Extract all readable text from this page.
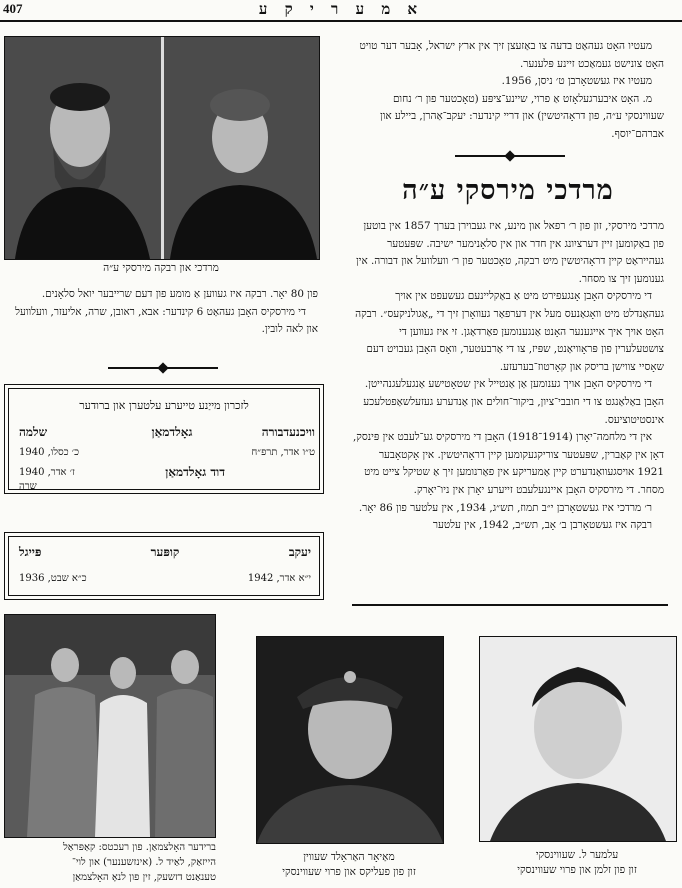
407	א מ ע ר י ק ע

מעטיו האָט געהאַט בדעה צו באַזעצן זיך אין ארץ ישראל, אָבער דער טויט האָט צונישט געמאַכט זיינע פּלענער.

מעטיו איז געשטאָרבן ט׳ ניסן, 1956.

מ. האָט איבערגעלאָזט אַ פרוי, שיינע־ציפּע (טאָכטער פון ר׳ נחום שעווינסקי ע״ה, פון דראָהיטשין) און דריי קינדער: יעקב־אַהרן, ביילע און אברהם־יוסף.

מרדכי מירסקי ע״ה

מרדכי מירסקי, זון פון ר׳ רפאל און מינע, איז געבוירן בערך 1857 אין בוטען פון באַקומען זיין דערציִונג אין חדר און אין סלאָנימער ישיבה. שפּעטער געהייראַט קיין דראָהיטשין מיט רבקה, טאָכטער פון ר׳ וועלוועל און דבורה. אין גענומען זיך צו מסחר.

די מירסקיס האָבן אָנגעפירט מיט אַ באַקליינעם געשעפט אין אויך געהאַנדלט מיט וואָגאַנעס מעל אין דערפאַר געוואָרן זיך די „אַגולניקעס״. רבקה האָט אויך איך אייגענער האָנט אַנגענומען פאַרדאַגן. זי איז געווען די צושטעלערין פון פּראָוויאַנט, שפּיז, צו די אַרבעטער, וואָס האָבן געבויט דעם שאָסיי צווישן בריסק און קאָרטוז־בערעזע.

די מירסקיס האָבן אויך גענומען אַן אַנטייל אין שטאָטישע אַנגעלעגנהייטן. האָבן באַלאַנגט צו די חובבי־ציון, ביקור־חולים און אַנדערע געזעלשאַפטלעכע אינסטיטוציעס.

אין די מלחמה־יאָרן (1914־1918) האָבן די מירסקיס גע־לעבט אין פּינסק, דאָן אין קאַברין, שפּעטער צוריקגעקומען קיין דראָהיטשין. אין אָקטאָבער 1921 אויסגעוואַנדערט קיין אַמעריקע אין פאַרנומען זיך אַ שטיקל צייט מיט מסחר. די מירסקיס האָבן איינגעלעבט זייערע יאָרן אין ניו־יאָרק.

ר׳ מרדכי איז געשטאָרבן י״ב תמוז, תש״ג, 1934, אין עלטער פון 86 יאָר.

רבקה איז געשטאָרבן ב׳ אָב, תש״ב, 1942, אין עלטער

מרדכי און רבקה מירסקי ע״ה

פון 80 יאָר. רבקה איז געווען אַ מומע פון דעם שרייבער יואל סלאָנים.

די מירסקיס האָבן געהאַט 6 קינדער: אבא, ראובן, שרה, אליעזר, וועלוועל און לאה לובין.

לזכרון מייַנע טייערע עלטערן און ברודער
וויכנעדבורה
גאָלדמאַן
שלמה
ט״ו אדר, תרפ״ח
כ׳ כסלו, 1940
דוד גאָלדמאַן
ז׳ אדר, 1940
שרה
יעקב
קופּער
פּייגל
י״א אדר, 1942
כ״א שבט, 1936
עלמער ל. שעווינסקי
זון פון זלמן און פרוי שעווינסקי
מאַיאָר האַראָלד שעווין
זון פון פעליקס און פרוי שעווינסקי
ברידער האָלצמאַן. פון רעכטס: קאַפּראַל
הייזאַק, לאַיד ל. (אינזשענער) און לוי־
טענאַנט דזשעק, זין פון לנאָ האָלצמאַן
